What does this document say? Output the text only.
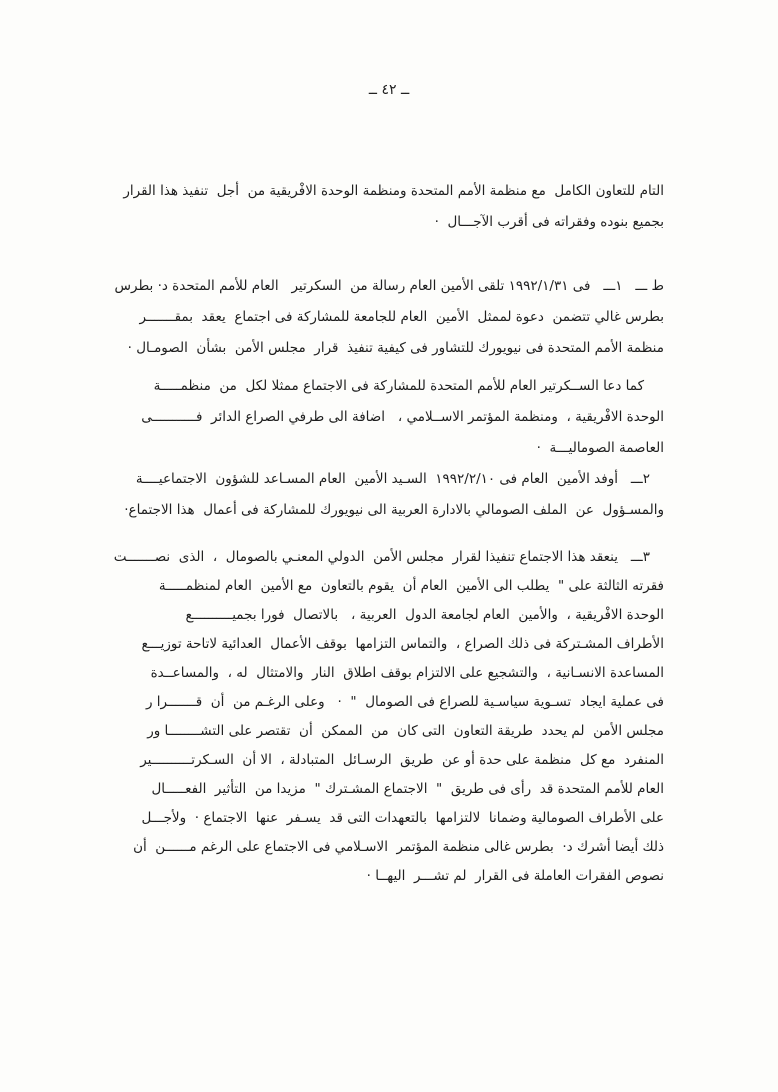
ــ ٤٢ ــ
التام للتعاون الكامل  مع منظمة الأمم المتحدة ومنظمة الوحدة الافْريقية من  أجل  تنفيذ هذا القرار
بجميع بنوده وفقراته فى أقرب الآجـــال  ·
ط ـــ   ١ـــ   فى ١٩٩٢/١/٣١ تلقى الأمين العام رسالة من  السكرتير   العام للأمم المتحدة د· بطرس
بطرس غالي تتضمن  دعوة لممثل  الأمين  العام للجامعة للمشاركة فى اجتماع  يعقد  بمقـــــــر
منظمة الأمم المتحدة فى نيويورك للتشاور فى كيفية تنفيذ  قرار  مجلس الأمن  بشأن  الصومـال ·
كما دعا الســكرتير العام للأمم المتحدة للمشاركة فى الاجتماع ممثلا لكل  من  منظمـــــة
الوحدة الافْريقية ،  ومنظمة المؤتمر الاســلامي ،   اضافة الى طرفي الصراع الدائر  فـــــــــــى
العاصمة الصوماليـــة  ·
٢ـــ   أوفد الأمين  العام فى ١٩٩٢/٢/١٠  السـيد الأمين  العام المسـاعد للشؤون  الاجتماعيــــة
والمسـؤول  عن  الملف الصومالي بالادارة العربية الى نيويورك للمشاركة فى أعمال  هذا الاجتماع·
٣ـــ   ينعقد هذا الاجتماع تنفيذا لقرار  مجلس الأمن  الدولي المعنـي بالصومال  ،  الذى  نصـــــــت
فقرته الثالثة على "  يطلب الى الأمين  العام أن  يقوم بالتعاون  مع الأمين  العام لمنظمـــــة
الوحدة الافْريقية ،  والأمين  العام لجامعة الدول  العربية ،   بالاتصال  فورا بجميــــــــــع
الأطراف المشـتركة فى ذلك الصراع ،  والتماس التزامها  بوقف الأعمال  العدائية لاتاحة توزيـــع
المساعدة الانسـانية ،  والتشجيع على الالتزام بوقف اطلاق  النار  والامتثال  له ،  والمساعــدة
فى عملية ايجاد  تسـوية سياسـية للصراع فى الصومال  "  ·   وعلى الرغـم من  أن  قـــــــرا ر
مجلس الأمن  لم يحدد  طريقة التعاون  التى كان  من  الممكن  أن  تقتصر على التشــــــــا ور
المنفرد  مع كل  منظمة على حدة أو عن  طريق  الرسـائل  المتبادلة ،  الا أن  السـكرتــــــــــير
العام للأمم المتحدة قد  رأى فى طريق  "  الاجتماع المشـترك "  مزيدا من  التأثير  الفعـــــال
على الأطراف الصومالية وضمانا  لالتزامها  بالتعهدات التى قد  يسـفر  عنها  الاجتماع ·  ولأجـــل
ذلك أيضا أشرك د·  بطرس غالى منظمة المؤتمر  الاسـلامي فى الاجتماع على الرغم مــــــن  أن
نصوص الفقرات العاملة فى القرار  لم تشـــر  اليهــا ·
